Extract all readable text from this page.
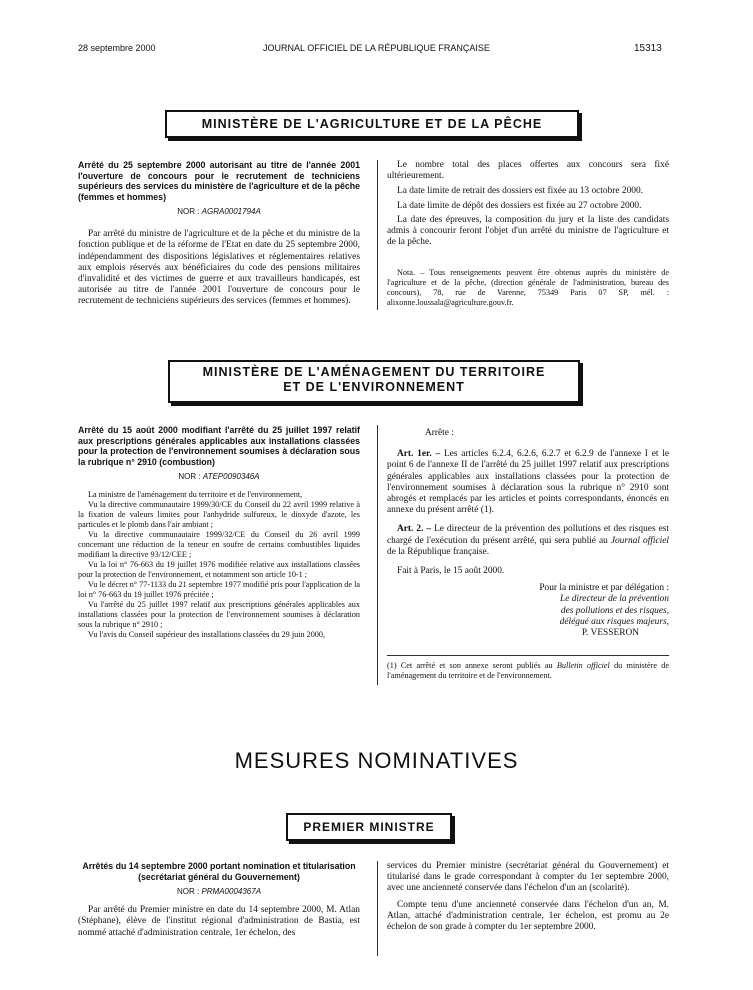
28 septembre 2000	JOURNAL OFFICIEL DE LA RÉPUBLIQUE FRANÇAISE	15313
MINISTÈRE DE L'AGRICULTURE ET DE LA PÊCHE

Arrêté du 25 septembre 2000 autorisant au titre de l'année 2001 l'ouverture de concours pour le recrutement de techniciens supérieurs des services du ministère de l'agriculture et de la pêche (femmes et hommes)

NOR : AGRA0001794A

Par arrêté du ministre de l'agriculture et de la pêche et du ministre de la fonction publique et de la réforme de l'Etat en date du 25 septembre 2000, indépendamment des dispositions législatives et réglementaires relatives aux emplois réservés aux bénéficiaires du code des pensions militaires d'invalidité et des victimes de guerre et aux travailleurs handicapés, est autorisée au titre de l'année 2001 l'ouverture de concours pour le recrutement de techniciens supérieurs des services (femmes et hommes).

Le nombre total des places offertes aux concours sera fixé ultérieurement.

La date limite de retrait des dossiers est fixée au 13 octobre 2000.

La date limite de dépôt des dossiers est fixée au 27 octobre 2000.

La date des épreuves, la composition du jury et la liste des candidats admis à concourir feront l'objet d'un arrêté du ministre de l'agriculture et de la pêche.

Nota. – Tous renseignements peuvent être obtenus auprès du ministère de l'agriculture et de la pêche, (direction générale de l'administration, bureau des concours), 78, rue de Varenne, 75349 Paris 07 SP, mél. : alixonne.loussala@agriculture.gouv.fr.

MINISTÈRE DE L'AMÉNAGEMENT DU TERRITOIRE
ET DE L'ENVIRONNEMENT

Arrêté du 15 août 2000 modifiant l'arrêté du 25 juillet 1997 relatif aux prescriptions générales applicables aux installations classées pour la protection de l'environnement soumises à déclaration sous la rubrique n° 2910 (combustion)

NOR : ATEP0090346A

La ministre de l'aménagement du territoire et de l'environnement,

Vu la directive communautaire 1999/30/CE du Conseil du 22 avril 1999 relative à la fixation de valeurs limites pour l'anhydride sulfureux, le dioxyde d'azote, les particules et le plomb dans l'air ambiant ;

Vu la directive communautaire 1999/32/CE du Conseil du 26 avril 1999 concernant une réduction de la teneur en soufre de certains combustibles liquides modifiant la directive 93/12/CEE ;

Vu la loi n° 76-663 du 19 juillet 1976 modifiée relative aux installations classées pour la protection de l'environnement, et notamment son article 10-1 ;

Vu le décret n° 77-1133 du 21 septembre 1977 modifié pris pour l'application de la loi n° 76-663 du 19 juillet 1976 précitée ;

Vu l'arrêté du 25 juillet 1997 relatif aux prescriptions générales applicables aux installations classées pour la protection de l'environnement soumises à déclaration sous la rubrique n° 2910 ;

Vu l'avis du Conseil supérieur des installations classées du 29 juin 2000,

Arrête :

Art. 1er. – Les articles 6.2.4, 6.2.6, 6.2.7 et 6.2.9 de l'annexe I et le point 6 de l'annexe II de l'arrêté du 25 juillet 1997 relatif aux prescriptions générales applicables aux installations classées pour la protection de l'environnement soumises à déclaration sous la rubrique n° 2910 sont abrogés et remplacés par les articles et points correspondants, énoncés en annexe du présent arrêté (1).

Art. 2. – Le directeur de la prévention des pollutions et des risques est chargé de l'exécution du présent arrêté, qui sera publié au Journal officiel de la République française.

Fait à Paris, le 15 août 2000.

Pour la ministre et par délégation :
Le directeur de la prévention
des pollutions et des risques,
délégué aux risques majeurs,
P. VESSERON
(1) Cet arrêté et son annexe seront publiés au Bulletin officiel du ministère de l'aménagement du territoire et de l'environnement.
MESURES NOMINATIVES
PREMIER MINISTRE

Arrêtés du 14 septembre 2000 portant nomination et titularisation (secrétariat général du Gouvernement)

NOR : PRMA0004367A

Par arrêté du Premier ministre en date du 14 septembre 2000, M. Atlan (Stéphane), élève de l'institut régional d'administration de Bastia, est nommé attaché d'administration centrale, 1er échelon, des

services du Premier ministre (secrétariat général du Gouvernement) et titularisé dans le grade correspondant à compter du 1er septembre 2000, avec une ancienneté conservée dans l'échelon d'un an (scolarité).

Compte tenu d'une ancienneté conservée dans l'échelon d'un an, M. Atlan, attaché d'administration centrale, 1er échelon, est promu au 2e échelon de son grade à compter du 1er septembre 2000.
